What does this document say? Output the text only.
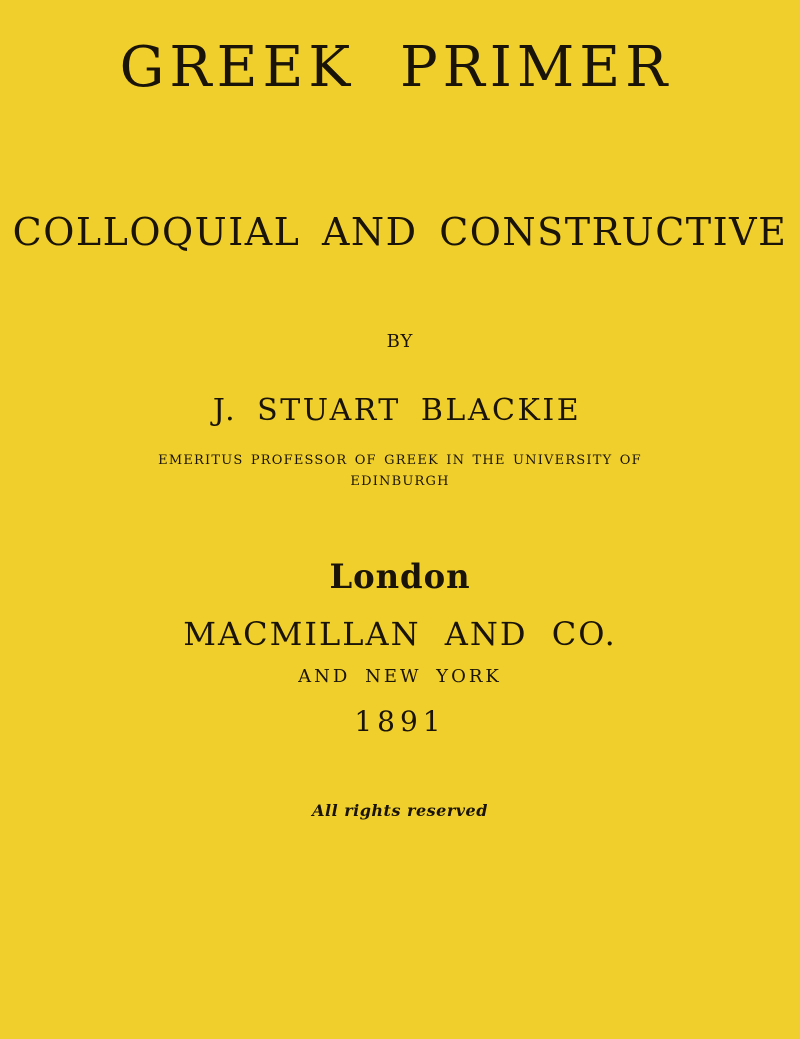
GREEK PRIMER
COLLOQUIAL AND CONSTRUCTIVE
BY
J. STUART BLACKIE
EMERITUS PROFESSOR OF GREEK IN THE UNIVERSITY OF
EDINBURGH
London
MACMILLAN AND CO.
AND NEW YORK
1891
All rights reserved
